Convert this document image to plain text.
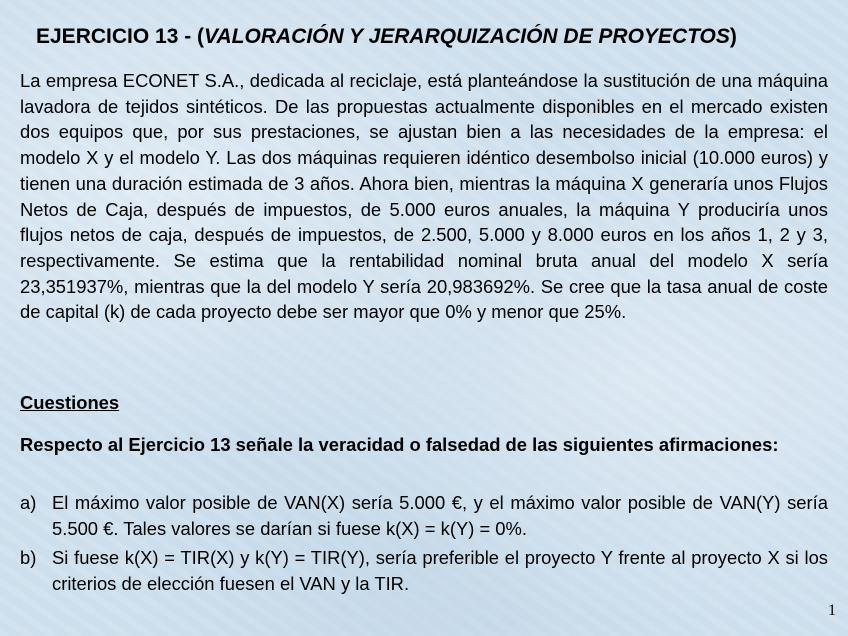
EJERCICIO 13 - (VALORACIÓN Y JERARQUIZACIÓN DE PROYECTOS)
La empresa ECONET S.A., dedicada al reciclaje, está planteándose la sustitución de una máquina lavadora de tejidos sintéticos. De las propuestas actualmente disponibles en el mercado existen dos equipos que, por sus prestaciones, se ajustan bien a las necesidades de la empresa: el modelo X y el modelo Y. Las dos máquinas requieren idéntico desembolso inicial (10.000 euros) y tienen una duración estimada de 3 años. Ahora bien, mientras la máquina X generaría unos Flujos Netos de Caja, después de impuestos, de 5.000 euros anuales, la máquina Y produciría unos flujos netos de caja, después de impuestos, de 2.500, 5.000 y 8.000 euros en los años 1, 2 y 3, respectivamente. Se estima que la rentabilidad nominal bruta anual del modelo X sería 23,351937%, mientras que la del modelo Y sería 20,983692%. Se cree que la tasa anual de coste de capital (k) de cada proyecto debe ser mayor que 0% y menor que 25%.
Cuestiones
Respecto al Ejercicio 13 señale la veracidad o falsedad de las siguientes afirmaciones:
a) El máximo valor posible de VAN(X) sería 5.000 €, y el máximo valor posible de VAN(Y) sería 5.500 €. Tales valores se darían si fuese k(X) = k(Y) = 0%.
b) Si fuese k(X) = TIR(X) y k(Y) = TIR(Y), sería preferible el proyecto Y frente al proyecto X si los criterios de elección fuesen el VAN y la TIR.
1
